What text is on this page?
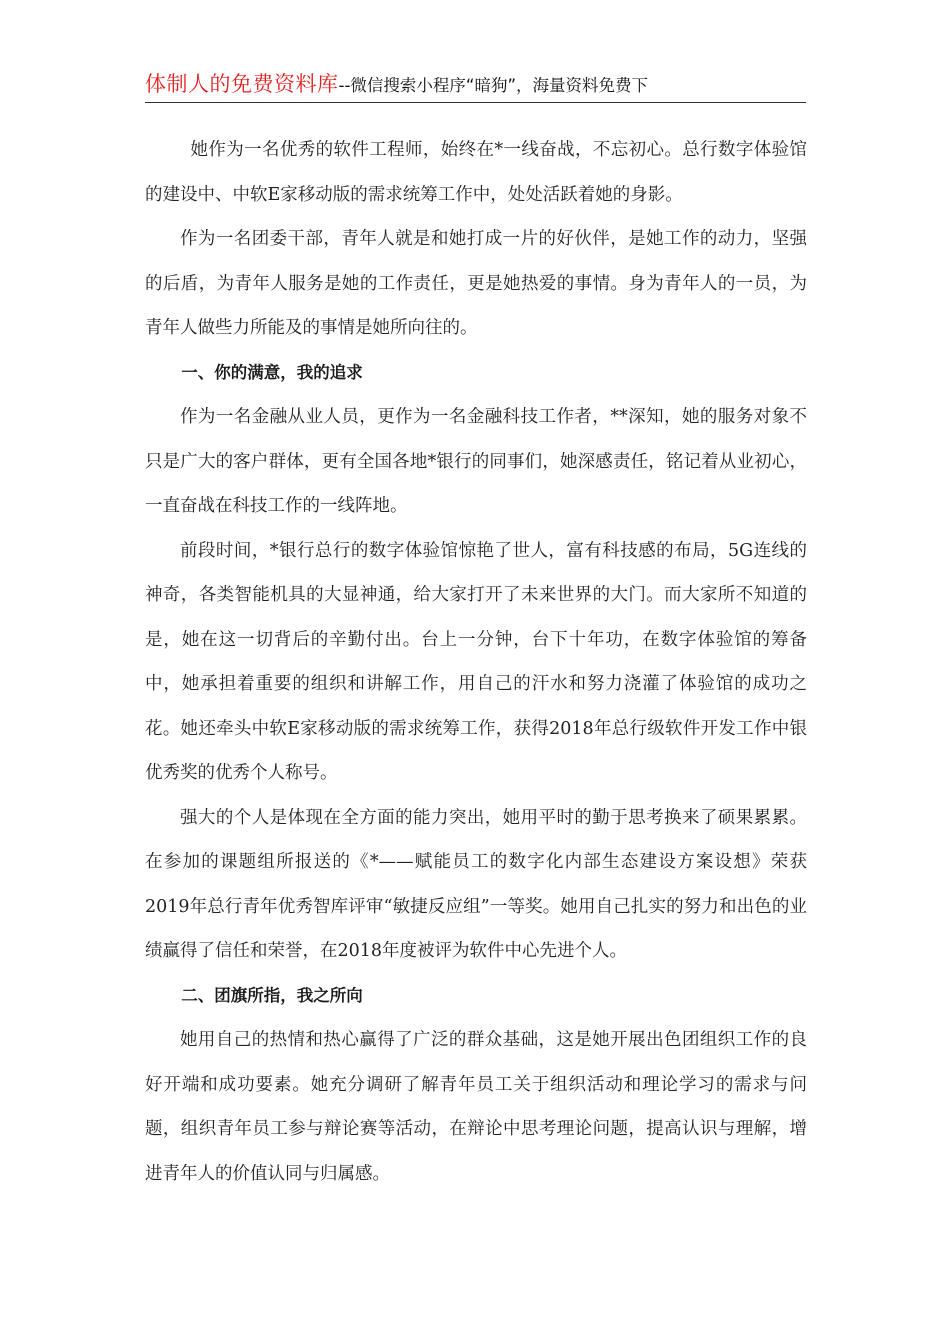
体制人的免费资料库--微信搜索小程序“暗狗”，海量资料免费下

她作为一名优秀的软件工程师，始终在*一线奋战，不忘初心。总行数字体验馆的建设中、中软E家移动版的需求统筹工作中，处处活跃着她的身影。

作为一名团委干部，青年人就是和她打成一片的好伙伴，是她工作的动力，坚强的后盾，为青年人服务是她的工作责任，更是她热爱的事情。身为青年人的一员，为青年人做些力所能及的事情是她所向往的。

一、你的满意，我的追求

作为一名金融从业人员，更作为一名金融科技工作者，**深知，她的服务对象不只是广大的客户群体，更有全国各地*银行的同事们，她深感责任，铭记着从业初心，一直奋战在科技工作的一线阵地。

前段时间，*银行总行的数字体验馆惊艳了世人，富有科技感的布局，5G连线的神奇，各类智能机具的大显神通，给大家打开了未来世界的大门。而大家所不知道的是，她在这一切背后的辛勤付出。台上一分钟，台下十年功，在数字体验馆的筹备中，她承担着重要的组织和讲解工作，用自己的汗水和努力浇灌了体验馆的成功之花。她还牵头中软E家移动版的需求统筹工作，获得2018年总行级软件开发工作中银优秀奖的优秀个人称号。

强大的个人是体现在全方面的能力突出，她用平时的勤于思考换来了硕果累累。在参加的课题组所报送的《*——赋能员工的数字化内部生态建设方案设想》荣获2019年总行青年优秀智库评审“敏捷反应组”一等奖。她用自己扎实的努力和出色的业绩赢得了信任和荣誉，在2018年度被评为软件中心先进个人。

二、团旗所指，我之所向

她用自己的热情和热心赢得了广泛的群众基础，这是她开展出色团组织工作的良好开端和成功要素。她充分调研了解青年员工关于组织活动和理论学习的需求与问题，组织青年员工参与辩论赛等活动，在辩论中思考理论问题，提高认识与理解，增进青年人的价值认同与归属感。
